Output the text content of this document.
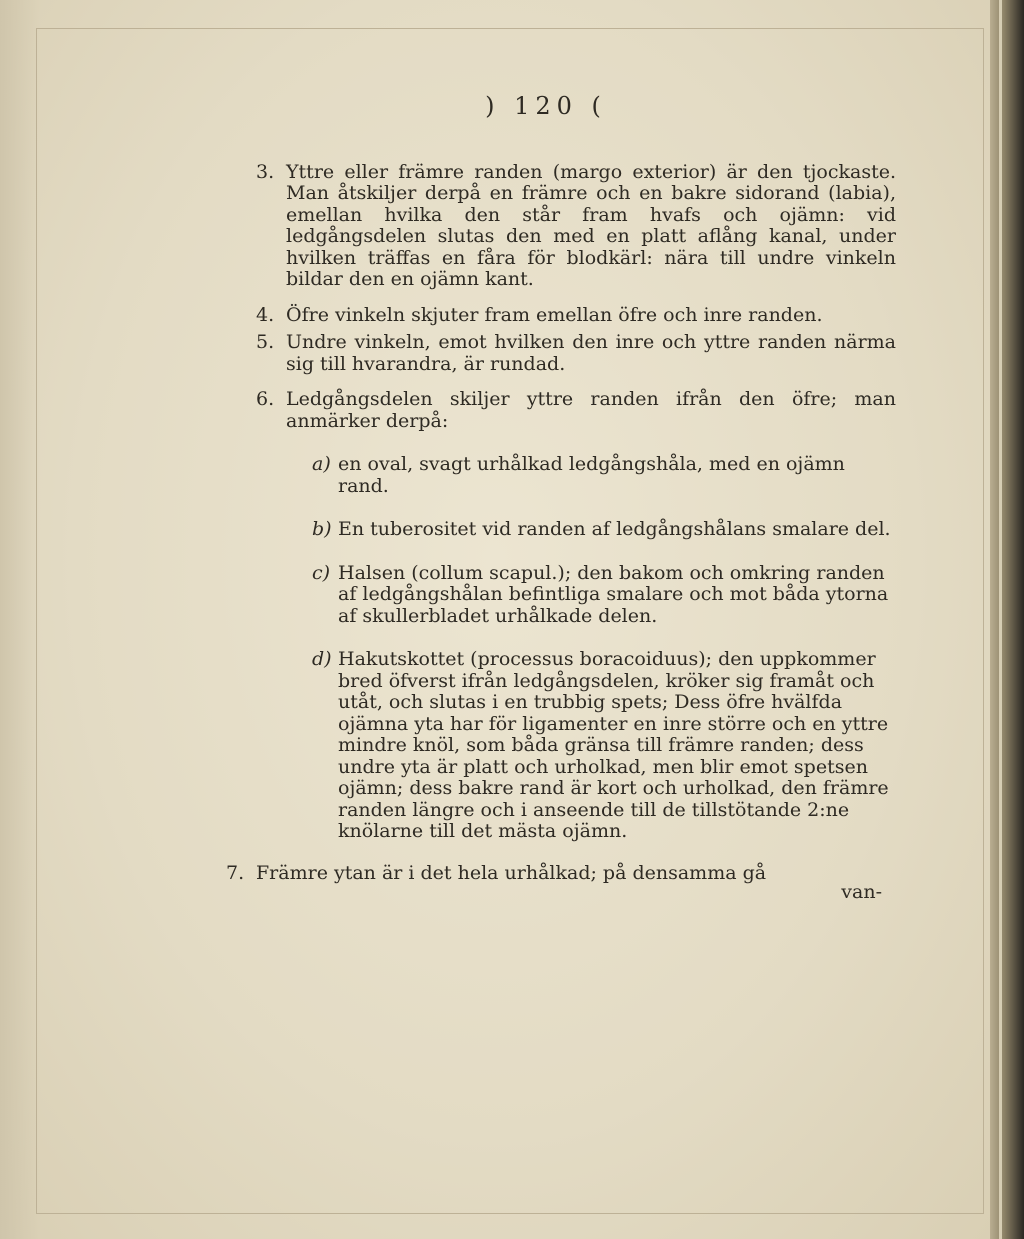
) 120 (
3. Yttre eller främre randen (margo exterior) är den tjockaste. Man åtskiljer derpå en främre och en bakre sidorand (labia), emellan hvilka den står fram hvafs och ojämn: vid ledgångsdelen slutas den med en platt aflång kanal, under hvilken träffas en fåra för blodkärl: nära till undre vinkeln bildar den en ojämn kant.
4. Öfre vinkeln skjuter fram emellan öfre och inre randen.
5. Undre vinkeln, emot hvilken den inre och yttre randen närma sig till hvarandra, är rundad.
6. Ledgångsdelen skiljer yttre randen ifrån den öfre; man anmärker derpå:
a) en oval, svagt urhålkad ledgångshåla, med en ojämn rand.
b) En tuberositet vid randen af ledgångshålans smalare del.
c) Halsen (collum scapul.); den bakom och omkring randen af ledgångshålan befintliga smalare och mot båda ytorna af skullerbladet urhålkade delen.
d) Hakutskottet (processus boracoiduus); den uppkommer bred öfverst ifrån ledgångsdelen, kröker sig framåt och utåt, och slutas i en trubbig spets; Dess öfre hvälfda ojämna yta har för ligamenter en inre större och en yttre mindre knöl, som båda gränsa till främre randen; dess undre yta är platt och urholkad, men blir emot spetsen ojämn; dess bakre rand är kort och urholkad, den främre randen längre och i anseende till de tillstötande 2:ne knölarne till det mästa ojämn.
7. Främre ytan är i det hela urhålkad; på densamma gå
van-
